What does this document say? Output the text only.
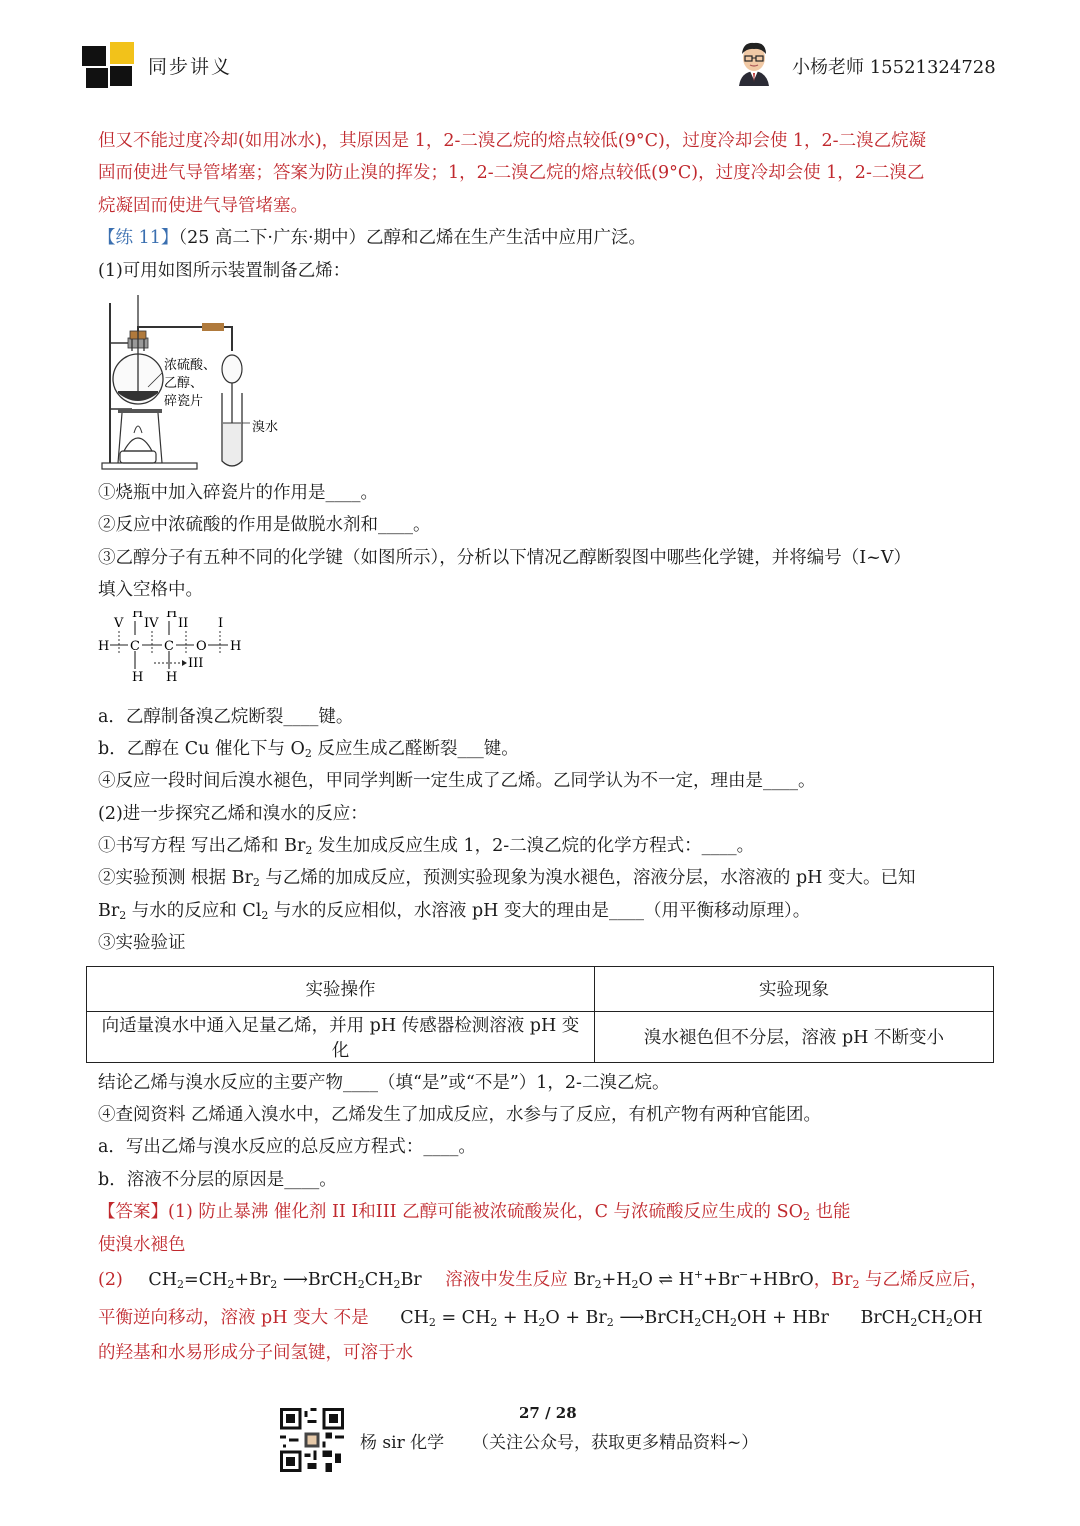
同步讲义	小杨老师 15521324728
但又不能过度冷却(如用冰水)，其原因是 1，2-二溴乙烷的熔点较低(9°C)，过度冷却会使 1，2-二溴乙烷凝
固而使进气导管堵塞；答案为防止溴的挥发；1，2-二溴乙烷的熔点较低(9°C)，过度冷却会使 1，2-二溴乙
烷凝固而使进气导管堵塞。
【练 11】（25 高二下·广东·期中）乙醇和乙烯在生产生活中应用广泛。
(1)可用如图所示装置制备乙烯：
浓硫酸、
乙醇、
碎瓷片
溴水
①烧瓶中加入碎瓷片的作用是____。
②反应中浓硫酸的作用是做脱水剂和____。
③乙醇分子有五种不同的化学键（如图所示），分析以下情况乙醇断裂图中哪些化学键，并将编号（I~V）
填入空格中。
V
H
IV
H
II I
H C C O H
H H
III
a．乙醇制备溴乙烷断裂____键。
b．乙醇在 Cu 催化下与 $O_2$ 反应生成乙醛断裂___键。
④反应一段时间后溴水褪色，甲同学判断一定生成了乙烯。乙同学认为不一定，理由是____。
(2)进一步探究乙烯和溴水的反应：
①书写方程 写出乙烯和 $Br_2$ 发生加成反应生成 1，2-二溴乙烷的化学方程式：____。
②实验预测 根据 $Br_2$ 与乙烯的加成反应，预测实验现象为溴水褪色，溶液分层，水溶液的 pH 变大。已知
$Br_2$ 与水的反应和 $Cl_2$ 与水的反应相似，水溶液 pH 变大的理由是____（用平衡移动原理）。
③实验验证
实验操作	实验现象
向适量溴水中通入足量乙烯，并用 pH 传感器检测溶液 pH 变化	溴水褪色但不分层，溶液 pH 不断变小
结论乙烯与溴水反应的主要产物____（填“是”或“不是”）1，2-二溴乙烷。
④查阅资料 乙烯通入溴水中，乙烯发生了加成反应，水参与了反应，有机产物有两种官能团。
a．写出乙烯与溴水反应的总反应方程式：____。
b．溶液不分层的原因是____。
【答案】(1) 防止暴沸 催化剂 II I和III 乙醇可能被浓硫酸炭化，C 与浓硫酸反应生成的 $SO_2$ 也能
使溴水褪色
(2) $CH_2=CH_2+Br_2$ $⟶BrCH_2CH_2Br$ 溶液中发生反应 $Br_2+H_2O$ ⇌ H++Br−+HBrO，$Br_2$ 与乙烯反应后，
平衡逆向移动，溶液 pH 变大 不是 $CH_2 = CH_2 + H_2O + Br_2$ $⟶BrCH_2CH_2OH$ + HBr $BrCH_2CH_2OH$
的羟基和水易形成分子间氢键，可溶于水
27 / 28
杨 sir 化学 （关注公众号，获取更多精品资料~）
